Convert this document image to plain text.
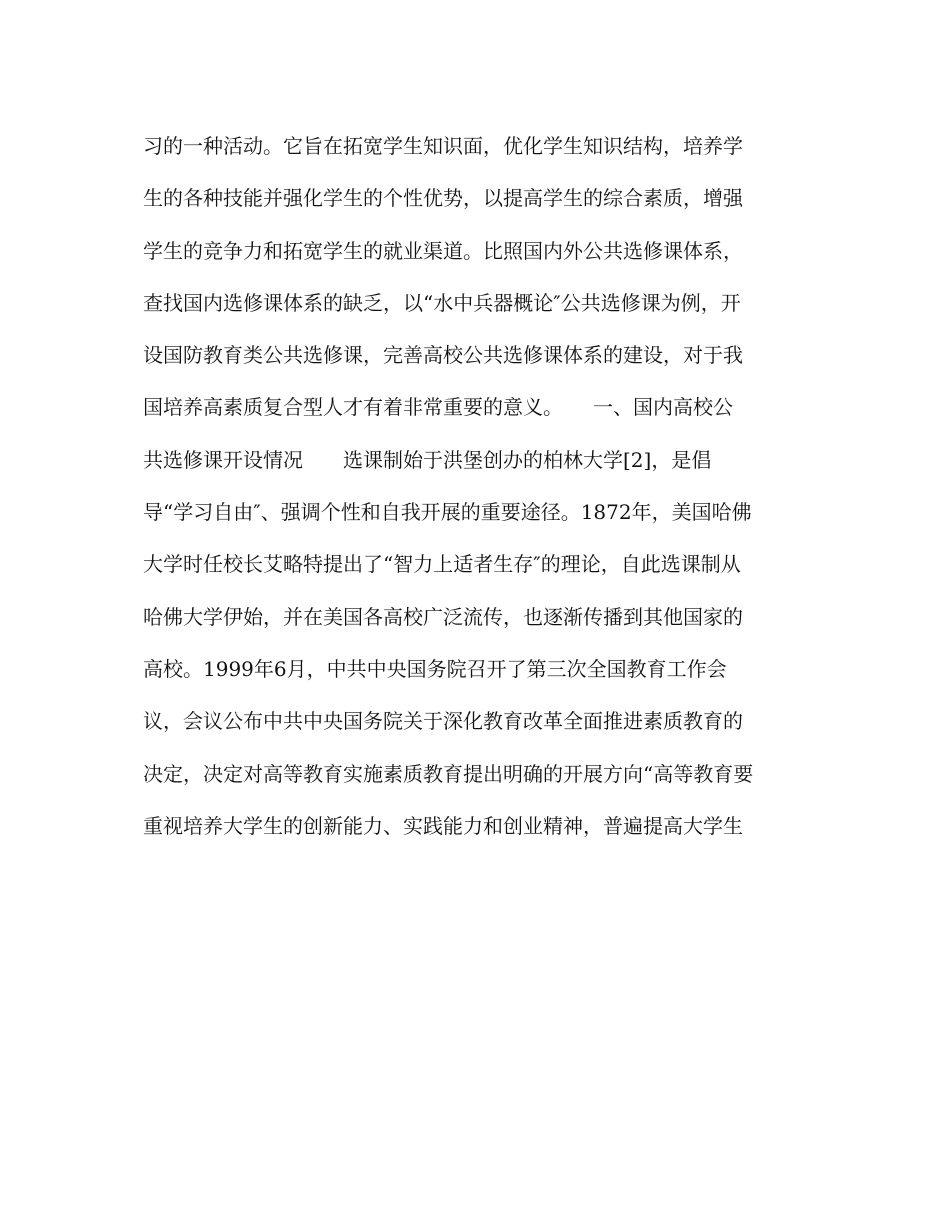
习的一种活动。它旨在拓宽学生知识面，优化学生知识结构，培养学
生的各种技能并强化学生的个性优势，以提高学生的综合素质，增强
学生的竞争力和拓宽学生的就业渠道。比照国内外公共选修课体系，
查找国内选修课体系的缺乏，以“水中兵器概论″公共选修课为例，开
设国防教育类公共选修课，完善高校公共选修课体系的建设，对于我
国培养高素质复合型人才有着非常重要的意义。　　一、国内高校公
共选修课开设情况　　选课制始于洪堡创办的柏林大学[2]，是倡
导“学习自由″、强调个性和自我开展的重要途径。1872年，美国哈佛
大学时任校长艾略特提出了“智力上适者生存″的理论，自此选课制从
哈佛大学伊始，并在美国各高校广泛流传，也逐渐传播到其他国家的
高校。1999年6月，中共中央国务院召开了第三次全国教育工作会
议，会议公布中共中央国务院关于深化教育改革全面推进素质教育的
决定，决定对高等教育实施素质教育提出明确的开展方向“高等教育要
重视培养大学生的创新能力、实践能力和创业精神，普遍提高大学生
